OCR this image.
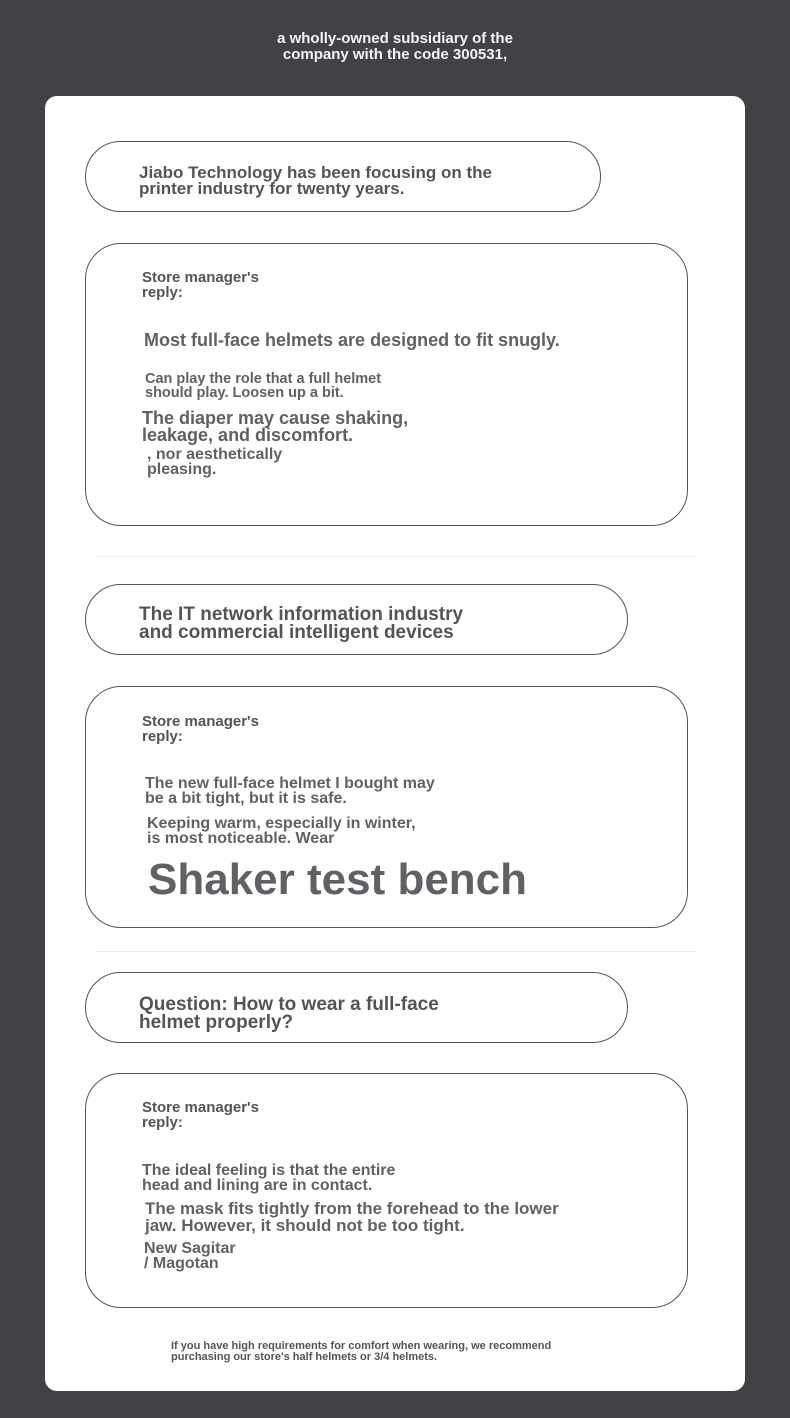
a wholly-owned subsidiary of the
company with the code 300531,
Jiabo Technology has been focusing on the
printer industry for twenty years.
Store manager's
reply:
Most full-face helmets are designed to fit snugly.
Can play the role that a full helmet
should play. Loosen up a bit.
The diaper may cause shaking,
leakage, and discomfort.
, nor aesthetically
pleasing.
The IT network information industry
and commercial intelligent devices
Store manager's
reply:
The new full-face helmet I bought may
be a bit tight, but it is safe.
Keeping warm, especially in winter,
is most noticeable. Wear
Shaker test bench
Question: How to wear a full-face
helmet properly?
Store manager's
reply:
The ideal feeling is that the entire
head and lining are in contact.
The mask fits tightly from the forehead to the lower
jaw. However, it should not be too tight.
New Sagitar
/ Magotan
If you have high requirements for comfort when wearing, we recommend
purchasing our store's half helmets or 3/4 helmets.
